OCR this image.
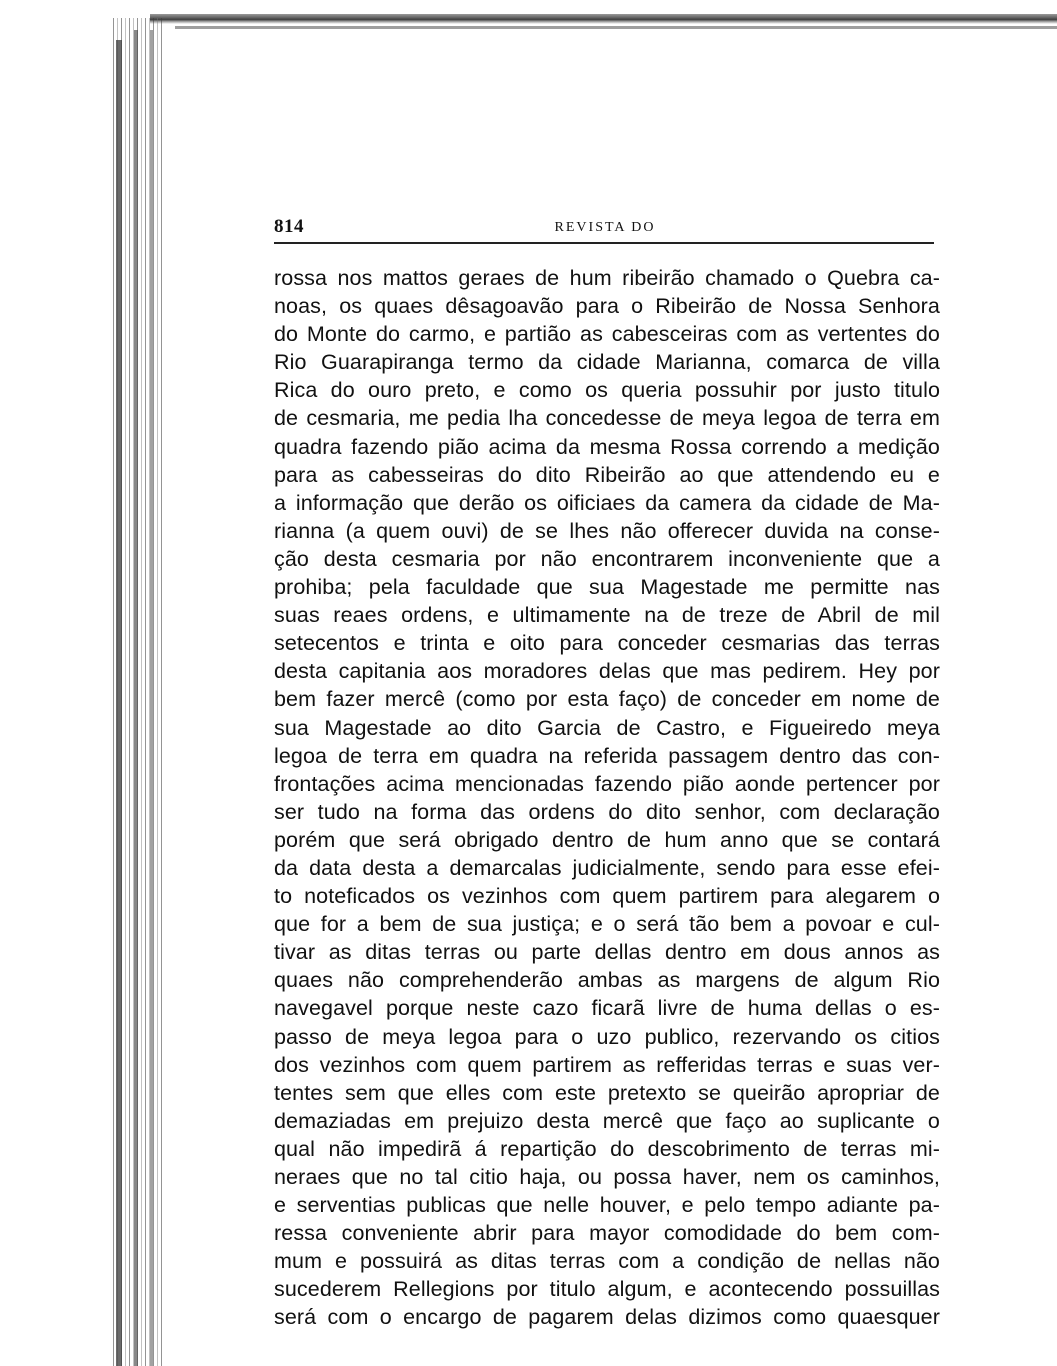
814	REVISTA DO
rossa nos mattos geraes de hum ribeirão chamado o Quebra ca-
noas, os quaes dêsagoavão para o Ribeirão de Nossa Senhora
do Monte do carmo, e partião as cabesceiras com as vertentes do
Rio Guarapiranga termo da cidade Marianna, comarca de villa
Rica do ouro preto, e como os queria possuhir por justo titulo
de cesmaria, me pedia lha concedesse de meya legoa de terra em
quadra fazendo pião acima da mesma Rossa correndo a medição
para as cabesseiras do dito Ribeirão ao que attendendo eu e
a informação que derão os oificiaes da camera da cidade de Ma-
rianna (a quem ouvi) de se lhes não offerecer duvida na conse-
ção desta cesmaria por não encontrarem inconveniente que a
prohiba; pela faculdade que sua Magestade me permitte nas
suas reaes ordens, e ultimamente na de treze de Abril de mil
setecentos e trinta e oito para conceder cesmarias das terras
desta capitania aos moradores delas que mas pedirem. Hey por
bem fazer mercê (como por esta faço) de conceder em nome de
sua Magestade ao dito Garcia de Castro, e Figueiredo meya
legoa de terra em quadra na referida passagem dentro das con-
frontações acima mencionadas fazendo pião aonde pertencer por
ser tudo na forma das ordens do dito senhor, com declaração
porém que será obrigado dentro de hum anno que se contará
da data desta a demarcalas judicialmente, sendo para esse efei-
to noteficados os vezinhos com quem partirem para alegarem o
que for a bem de sua justiça; e o será tão bem a povoar e cul-
tivar as ditas terras ou parte dellas dentro em dous annos as
quaes não comprehenderão ambas as margens de algum Rio
navegavel porque neste cazo ficarã livre de huma dellas o es-
passo de meya legoa para o uzo publico, rezervando os citios
dos vezinhos com quem partirem as refferidas terras e suas ver-
tentes sem que elles com este pretexto se queirão apropriar de
demaziadas em prejuizo desta mercê que faço ao suplicante o
qual não impedirã á repartição do descobrimento de terras mi-
neraes que no tal citio haja, ou possa haver, nem os caminhos,
e serventias publicas que nelle houver, e pelo tempo adiante pa-
ressa conveniente abrir para mayor comodidade do bem com-
mum e possuirá as ditas terras com a condição de nellas não
sucederem Rellegions por titulo algum, e acontecendo possuillas
será com o encargo de pagarem delas dizimos como quaesquer
